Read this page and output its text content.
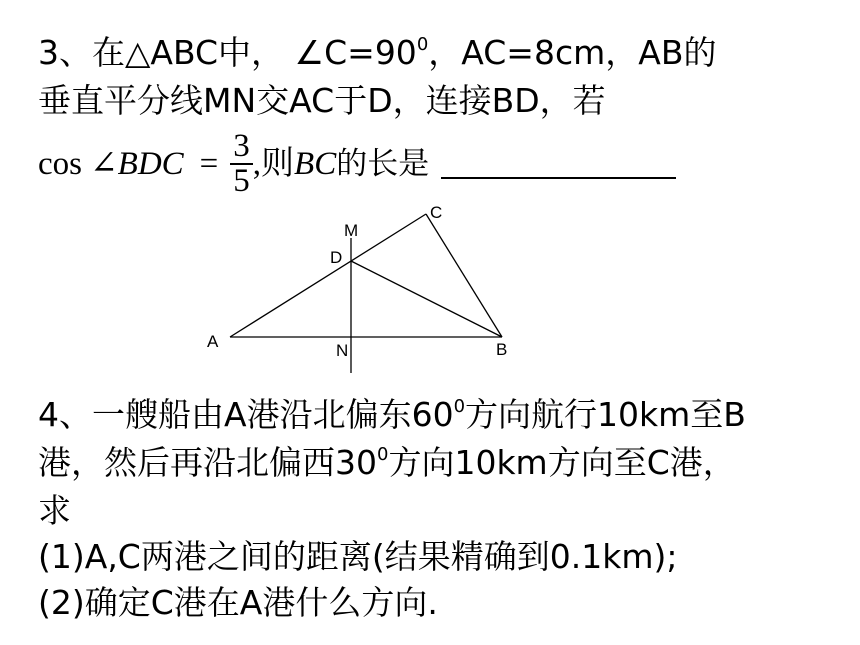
3、在△ABC中， $\angle C=90^0$，AC=8cm，AB的
垂直平分线MN交AC于D，连接BD，若
cos ∠ BDC = $\frac{3}{5}$ ,则 BC 的长是
A	B
C
D
M
N
4、一艘船由A港沿北偏东$60^0$方向航行10km至B
港，然后再沿北偏西$30^0$方向10km方向至C港，
求
(1)A,C两港之间的距离(结果精确到0.1km);
(2)确定C港在A港什么方向.
